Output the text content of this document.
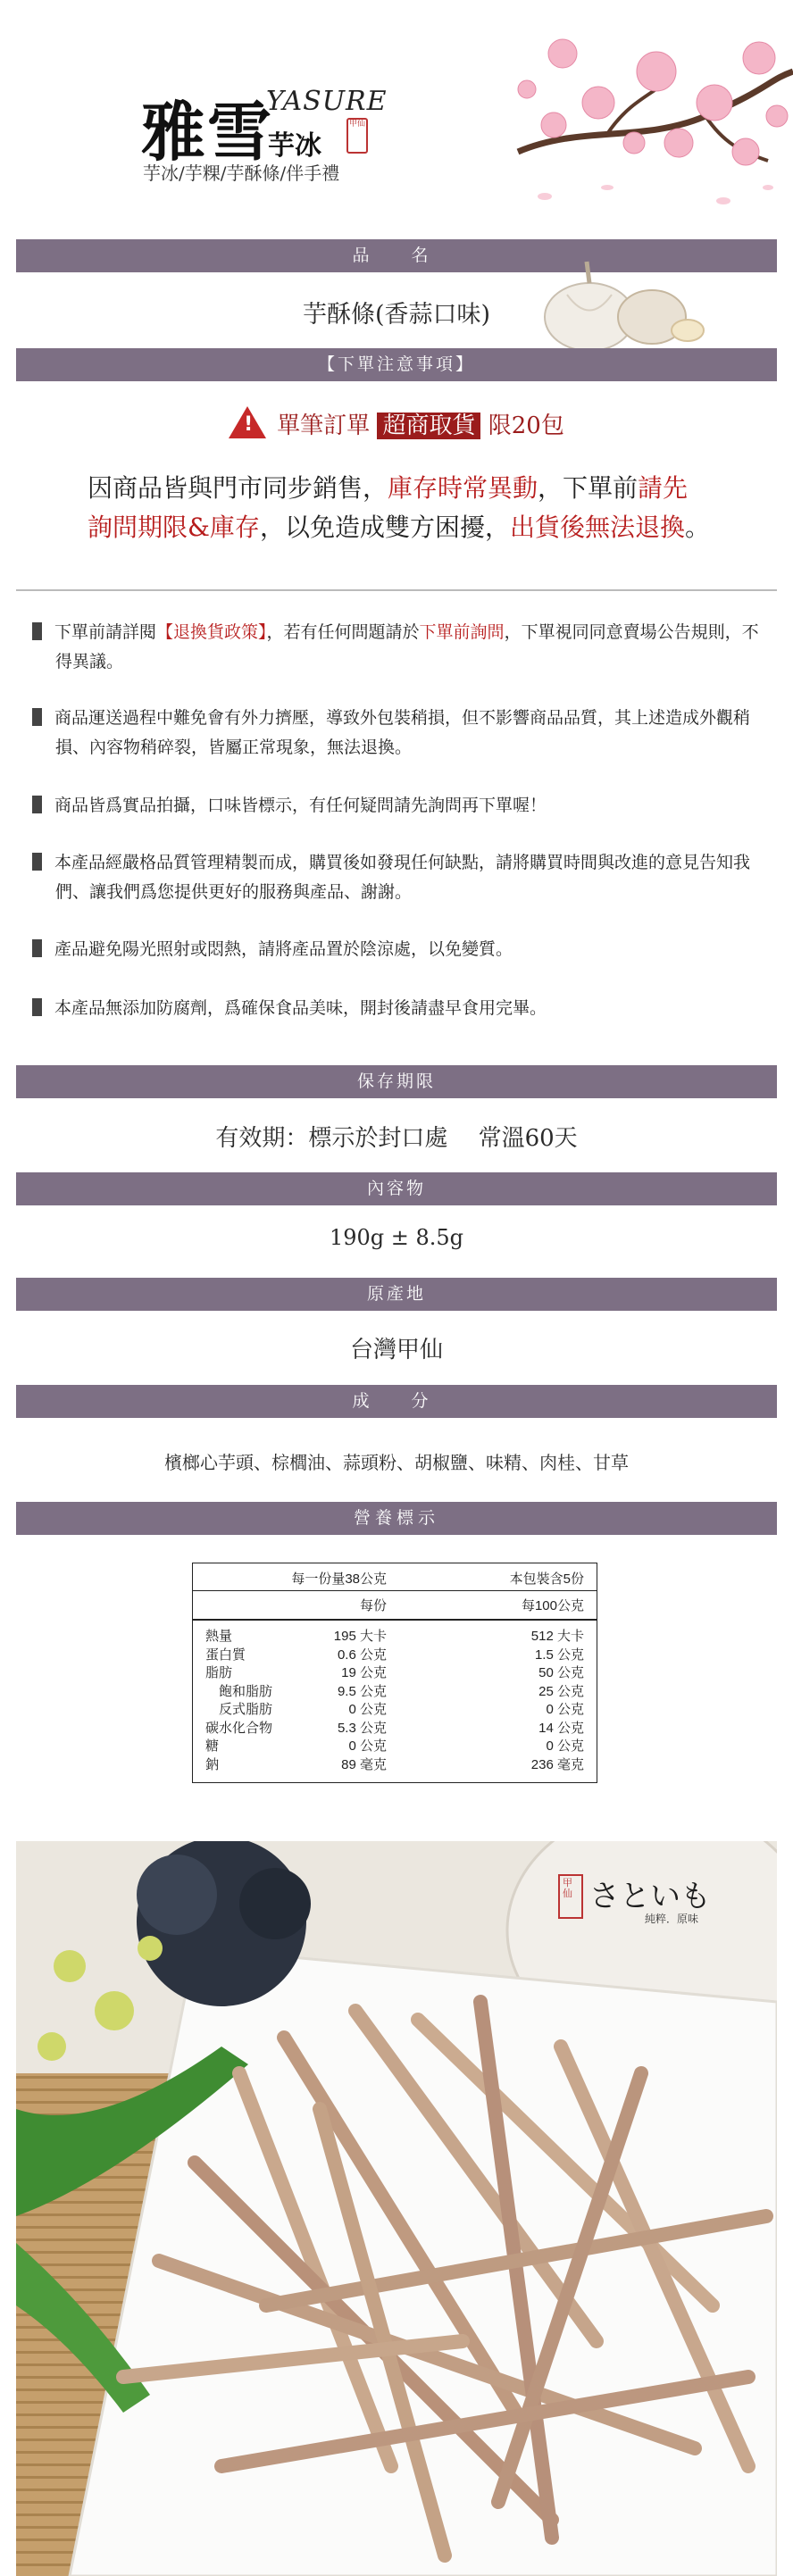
雅雪
YASURE
芋冰
甲仙
芋冰/芋粿/芋酥條/伴手禮
品　名
芋酥條(香蒜口味)
【下單注意事項】
! 單筆訂單 超商取貨 限20包
因商品皆與門市同步銷售，庫存時常異動，下單前請先詢問期限&庫存，以免造成雙方困擾，出貨後無法退換。
下單前請詳閱【退換貨政策】，若有任何問題請於下單前詢問，下單視同同意賣場公告規則，不得異議。
商品運送過程中難免會有外力擠壓，導致外包裝稍損，但不影響商品品質，其上述造成外觀稍損、內容物稍碎裂，皆屬正常現象，無法退換。
商品皆爲實品拍攝，口味皆標示，有任何疑問請先詢問再下單喔！
本產品經嚴格品質管理精製而成，購買後如發現任何缺點，請將購買時間與改進的意見告知我們、讓我們爲您提供更好的服務與產品、謝謝。
產品避免陽光照射或悶熱，請將產品置於陰涼處，以免變質。
本產品無添加防腐劑，爲確保食品美味，開封後請盡早食用完畢。
保存期限
有效期：標示於封口處　 常溫60天
內容物
190g ± 8.5g
原產地
台灣甲仙
成　分
檳榔心芋頭、棕櫚油、蒜頭粉、胡椒鹽、味精、肉桂、甘草
營養標示
每一份量38公克	本包裝含5份
每份	每100公克
熱量	195 大卡	512 大卡
蛋白質	0.6 公克	1.5 公克
脂肪	19 公克	50 公克
　飽和脂肪	9.5 公克	25 公克
　反式脂肪	0 公克	0 公克
碳水化合物	5.3 公克	14 公克
糖	0 公克	0 公克
鈉	89 毫克	236 毫克
甲仙 さといも
純粹．原味
